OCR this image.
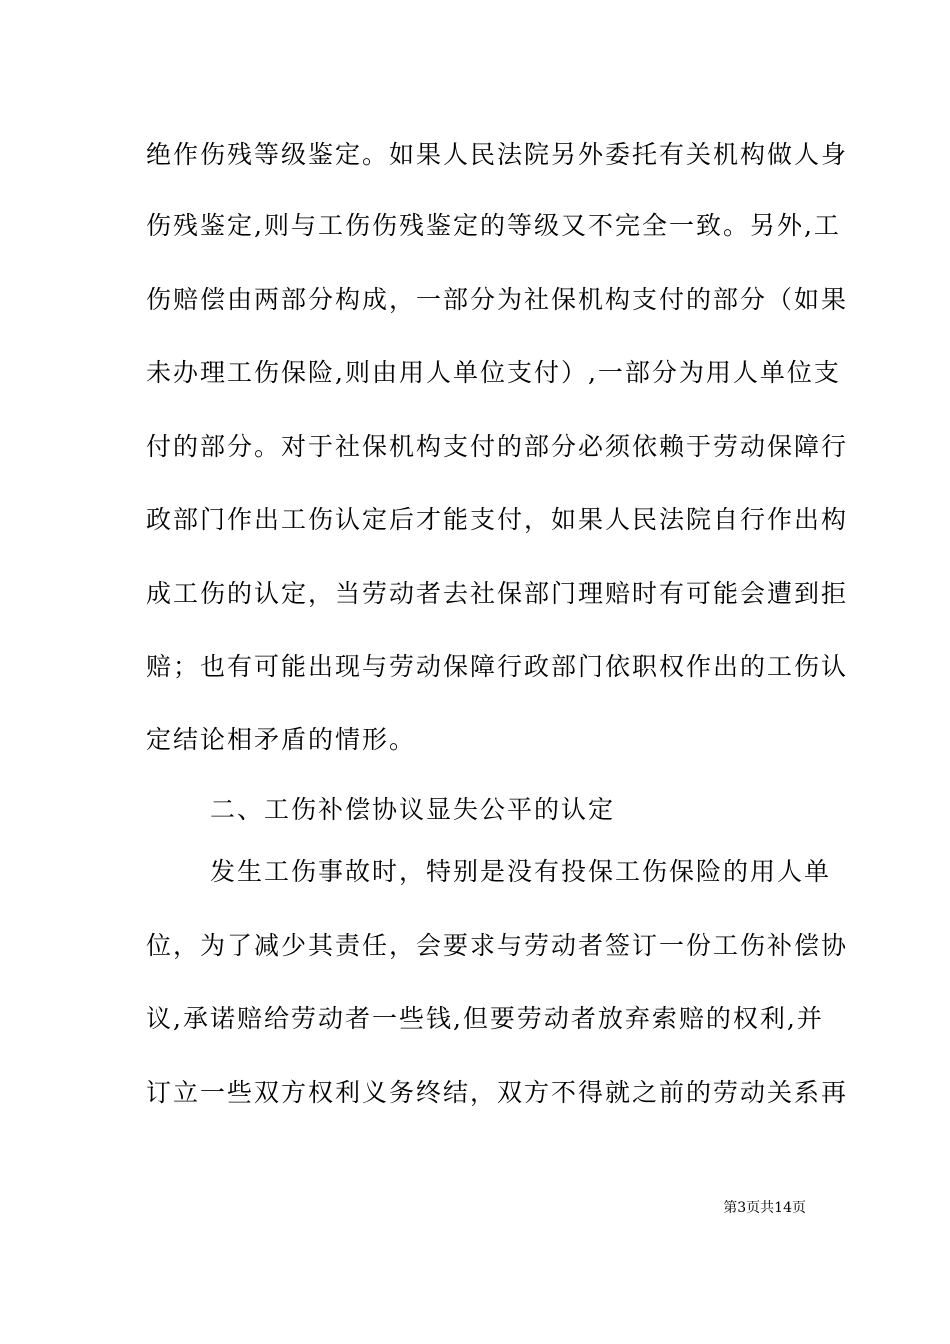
绝作伤残等级鉴定。如果人民法院另外委托有关机构做人身
伤残鉴定,则与工伤伤残鉴定的等级又不完全一致。另外,工
伤赔偿由两部分构成，一部分为社保机构支付的部分（如果
未办理工伤保险,则由用人单位支付）,一部分为用人单位支
付的部分。对于社保机构支付的部分必须依赖于劳动保障行
政部门作出工伤认定后才能支付，如果人民法院自行作出构
成工伤的认定，当劳动者去社保部门理赔时有可能会遭到拒
赔；也有可能出现与劳动保障行政部门依职权作出的工伤认
定结论相矛盾的情形。
二、工伤补偿协议显失公平的认定
发生工伤事故时，特别是没有投保工伤保险的用人单
位，为了减少其责任，会要求与劳动者签订一份工伤补偿协
议,承诺赔给劳动者一些钱,但要劳动者放弃索赔的权利,并
订立一些双方权利义务终结，双方不得就之前的劳动关系再
第3页共14页
